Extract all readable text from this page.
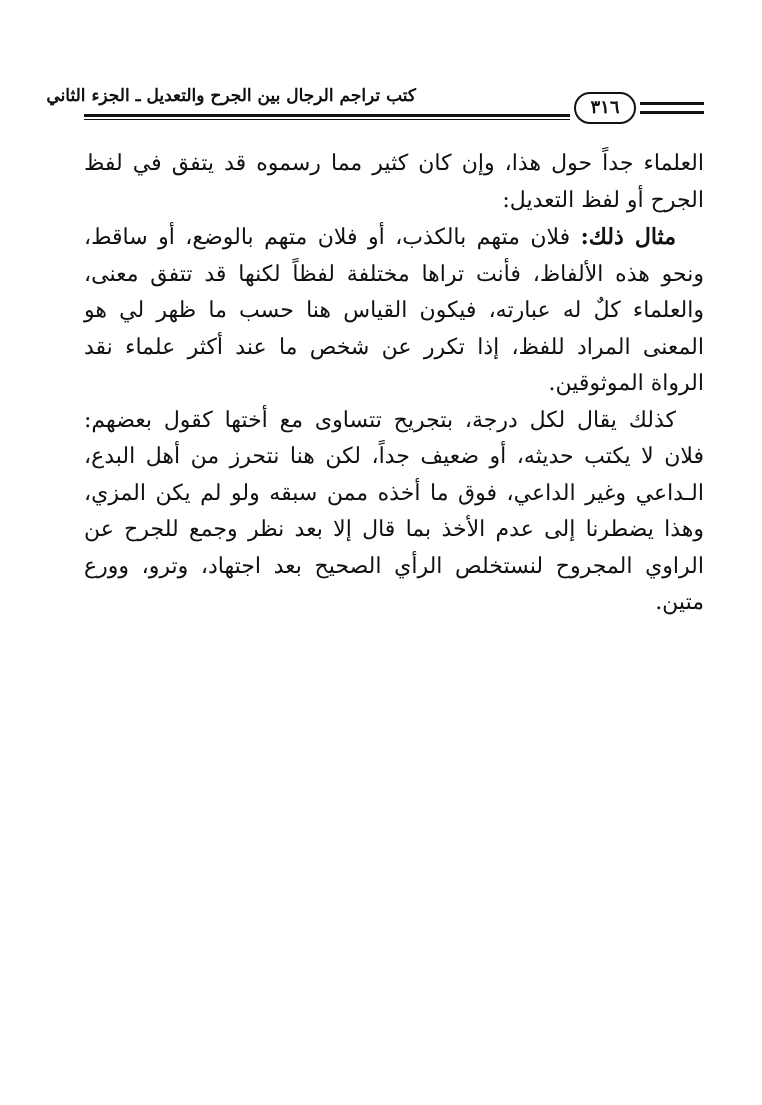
كتب تراجم الرجال بين الجرح والتعديل ـ الجزء الثاني
٣١٦

العلماء جداً حول هذا، وإن كان كثير مما رسموه قد يتفق في لفظ الجرح أو لفظ التعديل:

مثال ذلك: فلان متهم بالكذب، أو فلان متهم بالوضع، أو ساقط، ونحو هذه الألفاظ، فأنت تراها مختلفة لفظاً لكنها قد تتفق معنى، والعلماء كلٌ له عبارته، فيكون القياس هنا حسب ما ظهر لي هو المعنى المراد للفظ، إذا تكرر عن شخص ما عند أكثر علماء نقد الرواة الموثوقين.

كذلك يقال لكل درجة، بتجريح تتساوى مع أختها كقول بعضهم: فلان لا يكتب حديثه، أو ضعيف جداً، لكن هنا نتحرز من أهل البدع، الـداعي وغير الداعي، فوق ما أخذه ممن سبقه ولو لم يكن المزي، وهذا يضطرنا إلى عدم الأخذ بما قال إلا بعد نظر وجمع للجرح عن الراوي المجروح لنستخلص الرأي الصحيح بعد اجتهاد، وترو، وورع متين.
